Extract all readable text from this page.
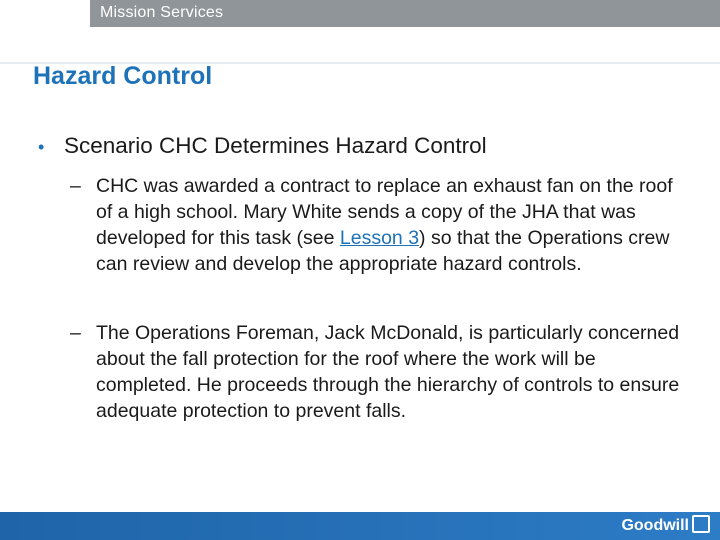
Mission Services
Hazard Control
• Scenario CHC Determines Hazard Control
– CHC was awarded a contract to replace an exhaust fan on the roof of a high school. Mary White sends a copy of the JHA that was developed for this task (see Lesson 3) so that the Operations crew can review and develop the appropriate hazard controls.
– The Operations Foreman, Jack McDonald, is particularly concerned about the fall protection for the roof where the work will be completed. He proceeds through the hierarchy of controls to ensure adequate protection to prevent falls.
Goodwill
